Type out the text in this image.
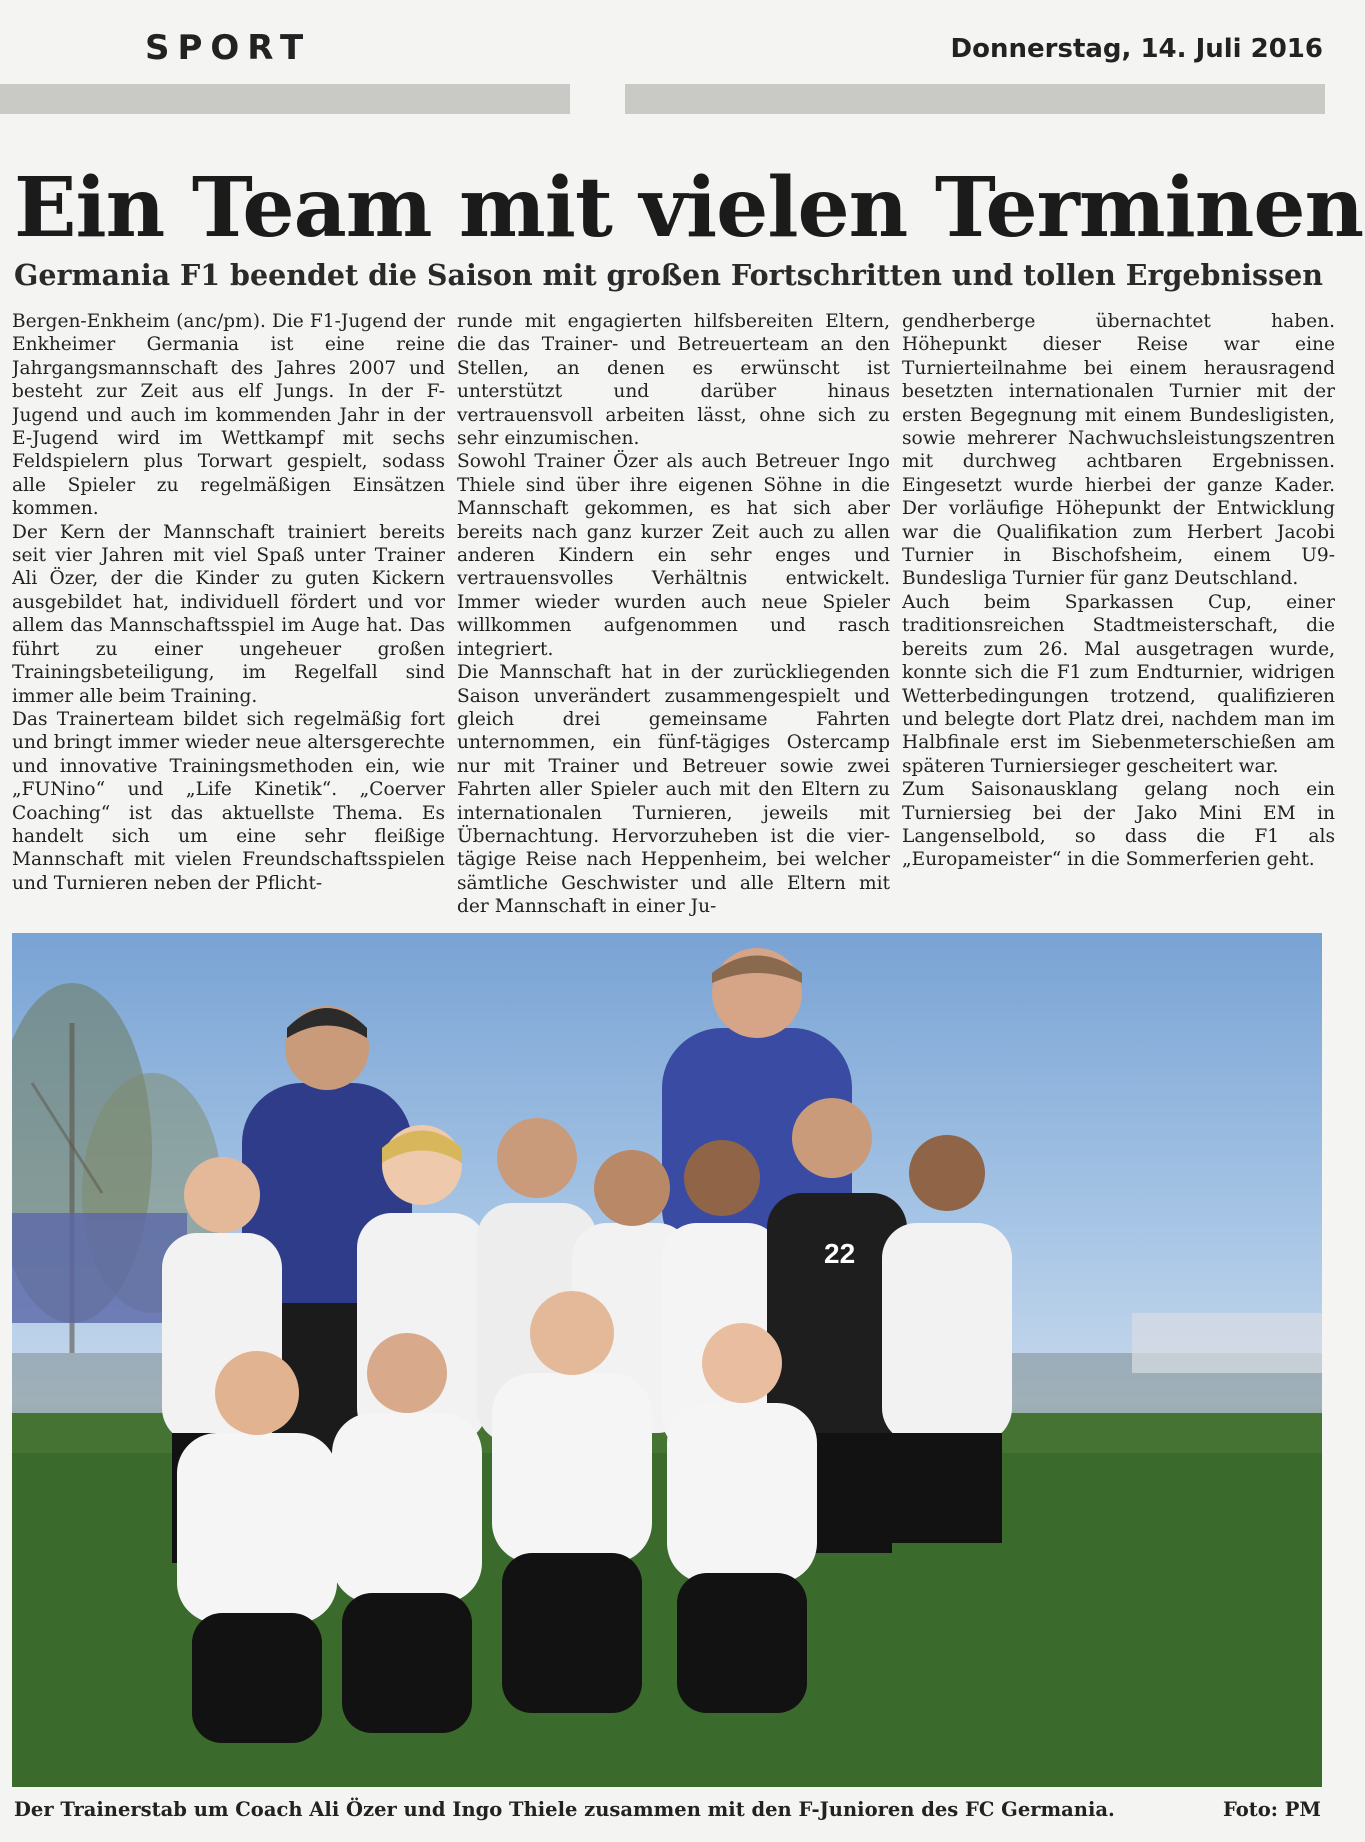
SPORT	Donnerstag, 14. Juli 2016
Ein Team mit vielen Terminen
Germania F1 beendet die Saison mit großen Fortschritten und tollen Ergebnissen

Bergen-Enkheim (anc/pm). Die F1-Jugend der Enkheimer Germania ist eine reine Jahrgangsmannschaft des Jahres 2007 und besteht zur Zeit aus elf Jungs. In der F-Jugend und auch im kommenden Jahr in der E-Jugend wird im Wettkampf mit sechs Feldspielern plus Torwart gespielt, sodass alle Spieler zu regelmäßigen Einsätzen kommen.

Der Kern der Mannschaft trainiert bereits seit vier Jahren mit viel Spaß unter Trainer Ali Özer, der die Kinder zu guten Kickern ausgebildet hat, individuell fördert und vor allem das Mannschaftsspiel im Auge hat. Das führt zu einer ungeheuer großen Trainingsbeteiligung, im Regelfall sind immer alle beim Training.

Das Trainerteam bildet sich regelmäßig fort und bringt immer wieder neue altersgerechte und innovative Trainingsmethoden ein, wie „FUNino“ und „Life Kinetik“. „Coerver Coaching“ ist das aktuellste Thema. Es handelt sich um eine sehr fleißige Mannschaft mit vielen Freundschaftsspielen und Turnieren neben der Pflicht-

runde mit engagierten hilfsbereiten Eltern, die das Trainer- und Betreuerteam an den Stellen, an denen es erwünscht ist unterstützt und darüber hinaus vertrauensvoll arbeiten lässt, ohne sich zu sehr einzumischen.

Sowohl Trainer Özer als auch Betreuer Ingo Thiele sind über ihre eigenen Söhne in die Mannschaft gekommen, es hat sich aber bereits nach ganz kurzer Zeit auch zu allen anderen Kindern ein sehr enges und vertrauensvolles Verhältnis entwickelt. Immer wieder wurden auch neue Spieler willkommen aufgenommen und rasch integriert.

Die Mannschaft hat in der zurückliegenden Saison unverändert zusammengespielt und gleich drei gemeinsame Fahrten unternommen, ein fünf-tägiges Ostercamp nur mit Trainer und Betreuer sowie zwei Fahrten aller Spieler auch mit den Eltern zu internationalen Turnieren, jeweils mit Übernachtung. Hervorzuheben ist die vier-tägige Reise nach Heppenheim, bei welcher sämtliche Geschwister und alle Eltern mit der Mannschaft in einer Ju-

gendherberge übernachtet haben. Höhepunkt dieser Reise war eine Turnierteilnahme bei einem herausragend besetzten internationalen Turnier mit der ersten Begegnung mit einem Bundesligisten, sowie mehrerer Nachwuchsleistungszentren mit durchweg achtbaren Ergebnissen. Eingesetzt wurde hierbei der ganze Kader. Der vorläufige Höhepunkt der Entwicklung war die Qualifikation zum Herbert Jacobi Turnier in Bischofsheim, einem U9-Bundesliga Turnier für ganz Deutschland.

Auch beim Sparkassen Cup, einer traditionsreichen Stadtmeisterschaft, die bereits zum 26. Mal ausgetragen wurde, konnte sich die F1 zum Endturnier, widrigen Wetterbedingungen trotzend, qualifizieren und belegte dort Platz drei, nachdem man im Halbfinale erst im Siebenmeterschießen am späteren Turniersieger gescheitert war.

Zum Saisonausklang gelang noch ein Turniersieg bei der Jako Mini EM in Langenselbold, so dass die F1 als „Europameister“ in die Sommerferien geht.

22
Der Trainerstab um Coach Ali Özer und Ingo Thiele zusammen mit den F-Junioren des FC Germania.	Foto: PM
